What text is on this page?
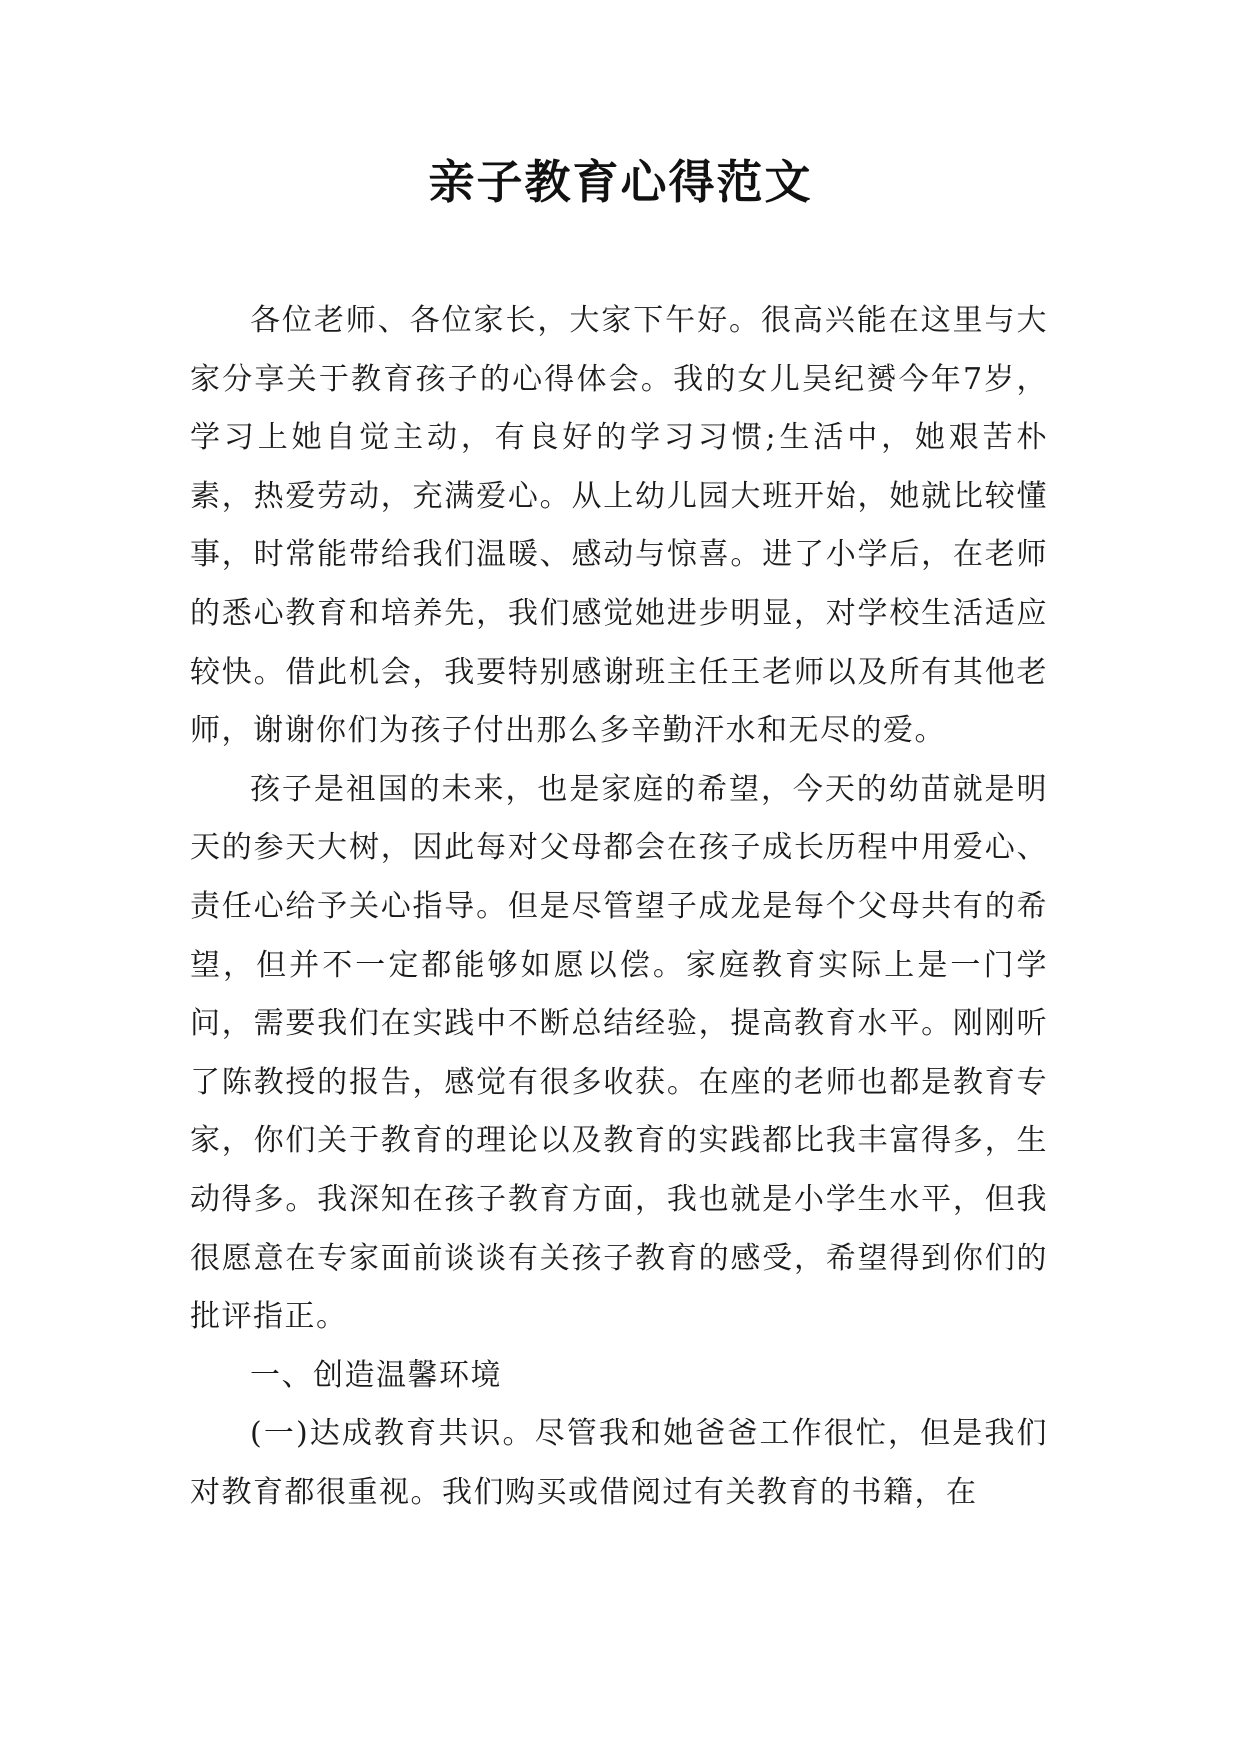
亲子教育心得范文

各位老师、各位家长，大家下午好。很高兴能在这里与大家分享关于教育孩子的心得体会。我的女儿吴纪赟今年7岁，学习上她自觉主动，有良好的学习习惯;生活中，她艰苦朴素，热爱劳动，充满爱心。从上幼儿园大班开始，她就比较懂事，时常能带给我们温暖、感动与惊喜。进了小学后，在老师的悉心教育和培养先，我们感觉她进步明显，对学校生活适应较快。借此机会，我要特别感谢班主任王老师以及所有其他老师，谢谢你们为孩子付出那么多辛勤汗水和无尽的爱。

孩子是祖国的未来，也是家庭的希望，今天的幼苗就是明天的参天大树，因此每对父母都会在孩子成长历程中用爱心、责任心给予关心指导。但是尽管望子成龙是每个父母共有的希望，但并不一定都能够如愿以偿。家庭教育实际上是一门学问，需要我们在实践中不断总结经验，提高教育水平。刚刚听了陈教授的报告，感觉有很多收获。在座的老师也都是教育专家，你们关于教育的理论以及教育的实践都比我丰富得多，生动得多。我深知在孩子教育方面，我也就是小学生水平，但我很愿意在专家面前谈谈有关孩子教育的感受，希望得到你们的批评指正。

一、创造温馨环境

(一)达成教育共识。尽管我和她爸爸工作很忙，但是我们对教育都很重视。我们购买或借阅过有关教育的书籍，在
